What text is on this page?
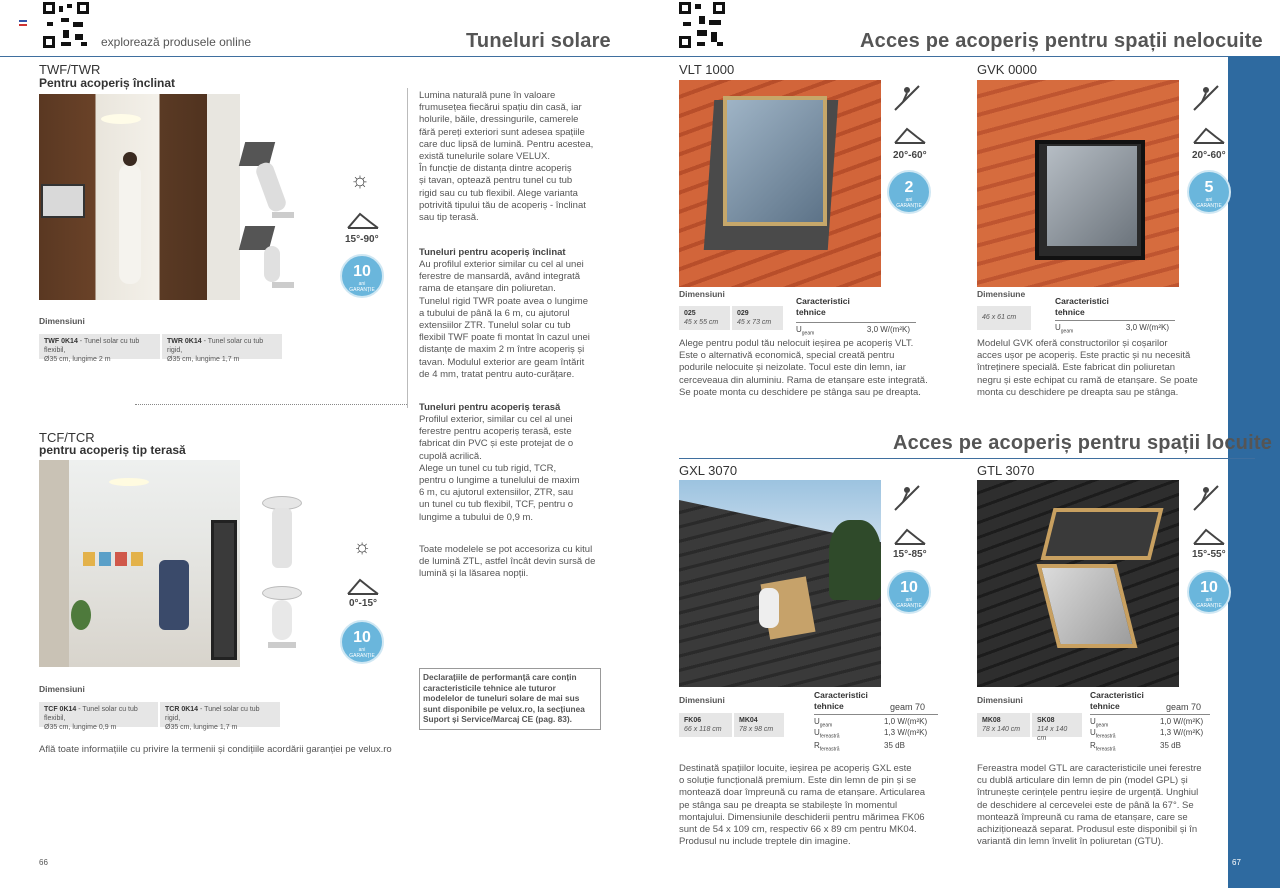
explorează produsele online	Tuneluri solare
TWF/TWR
Pentru acoperiș înclinat
☼
15°-90°
10
ani
GARANȚIE
Dimensiuni
TWF 0K14 - Tunel solar cu tub flexibil,
Ø35 cm, lungime 2 m
TWR 0K14 - Tunel solar cu tub rigid,
Ø35 cm, lungime 1,7 m
TCF/TCR
pentru acoperiș tip terasă
☼
0°-15°
10
ani
GARANȚIE
Dimensiuni
TCF 0K14 - Tunel solar cu tub flexibil,
Ø35 cm, lungime 0,9 m
TCR 0K14 - Tunel solar cu tub rigid,
Ø35 cm, lungime 1,7 m
Lumina naturală pune în valoare
frumusețea fiecărui spațiu din casă, iar
holurile, băile, dressingurile, camerele
fără pereți exteriori sunt adesea spațiile
care duc lipsă de lumină. Pentru acestea,
există tunelurile solare VELUX.
În funcție de distanța dintre acoperiș
și tavan, optează pentru tunel cu tub
rigid sau cu tub flexibil. Alege varianta
potrivită tipului tău de acoperiș - înclinat
sau tip terasă.
Tuneluri pentru acoperiș înclinat
Au profilul exterior similar cu cel al unei
ferestre de mansardă, având integrată
rama de etanșare din poliuretan.
Tunelul rigid TWR poate avea o lungime
a tubului de până la 6 m, cu ajutorul
extensiilor ZTR. Tunelul solar cu tub
flexibil TWF poate fi montat în cazul unei
distanțe de maxim 2 m între acoperiș și
tavan. Modulul exterior are geam întărit
de 4 mm, tratat pentru auto-curățare.
Tuneluri pentru acoperiș terasă
Profilul exterior, similar cu cel al unei
ferestre pentru acoperiș terasă, este
fabricat din PVC și este protejat de o
cupolă acrilică.
Alege un tunel cu tub rigid, TCR,
pentru o lungime a tunelului de maxim
6 m, cu ajutorul extensiilor, ZTR, sau
un tunel cu tub flexibil, TCF, pentru o
lungime a tubului de 0,9 m.
Toate modelele se pot accesoriza cu kitul
de lumină ZTL, astfel încât devin sursă de
lumină și la lăsarea nopții.
Declarațiile de performanță care conțin
caracteristicile tehnice ale tuturor
modelelor de tuneluri solare de mai sus
sunt disponibile pe velux.ro, la secțiunea
Suport și Service/Marcaj CE (pag. 83).
Află toate informațiile cu privire la termenii și condițiile acordării garanției pe velux.ro
66
Acces pe acoperiș pentru spații nelocuite
VLT 1000
20°-60°
2
ani
GARANȚIE
Dimensiuni
025
45 x 55 cm
029
45 x 73 cm
Caracteristici
tehnice
$U_{geam}$	3,0 W/(m²K)
Alege pentru podul tău nelocuit ieșirea pe acoperiș VLT.
Este o alternativă economică, special creată pentru
podurile nelocuite și neizolate. Tocul este din lemn, iar
cerceveaua din aluminiu. Rama de etanșare este integrată.
Se poate monta cu deschidere pe stânga sau pe dreapta.
GVK 0000
20°-60°
5
ani
GARANȚIE
Dimensiune
46 x 61 cm
Caracteristici
tehnice
$U_{geam}$	3,0 W/(m²K)
Modelul GVK oferă constructorilor și coșarilor
acces ușor pe acoperiș. Este practic și nu necesită
întreținere specială. Este fabricat din poliuretan
negru și este echipat cu ramă de etanșare. Se poate
monta cu deschidere pe dreapta sau pe stânga.
Acces pe acoperiș pentru spații locuite
GXL 3070
15°-85°
10
ani
GARANȚIE
Dimensiuni
FK06
66 x 118 cm
MK04
78 x 98 cm
Caracteristici
tehnice	geam 70
$U_{geam}$	1,0 W/(m²K)
$U_{fereastră}$	1,3 W/(m²K)
$R_{fereastră}$	35 dB
Destinată spațiilor locuite, ieșirea pe acoperiș GXL este
o soluție funcțională premium. Este din lemn de pin și se
montează doar împreună cu rama de etanșare. Articularea
pe stânga sau pe dreapta se stabilește în momentul
montajului. Dimensiunile deschiderii pentru mărimea FK06
sunt de 54 x 109 cm, respectiv 66 x 89 cm pentru MK04.
Produsul nu include treptele din imagine.
GTL 3070
15°-55°
10
ani
GARANȚIE
Dimensiuni
MK08
78 x 140 cm
SK08
114 x 140 cm
Caracteristici
tehnice	geam 70
$U_{geam}$	1,0 W/(m²K)
$U_{fereastră}$	1,3 W/(m²K)
$R_{fereastră}$	35 dB
Fereastra model GTL are caracteristicile unei ferestre
cu dublă articulare din lemn de pin (model GPL) și
întrunește cerințele pentru ieșire de urgență. Unghiul
de deschidere al cercevelei este de până la 67°. Se
montează împreună cu rama de etanșare, care se
achiziționează separat. Produsul este disponibil și în
variantă din lemn învelit în poliuretan (GTU).
67
